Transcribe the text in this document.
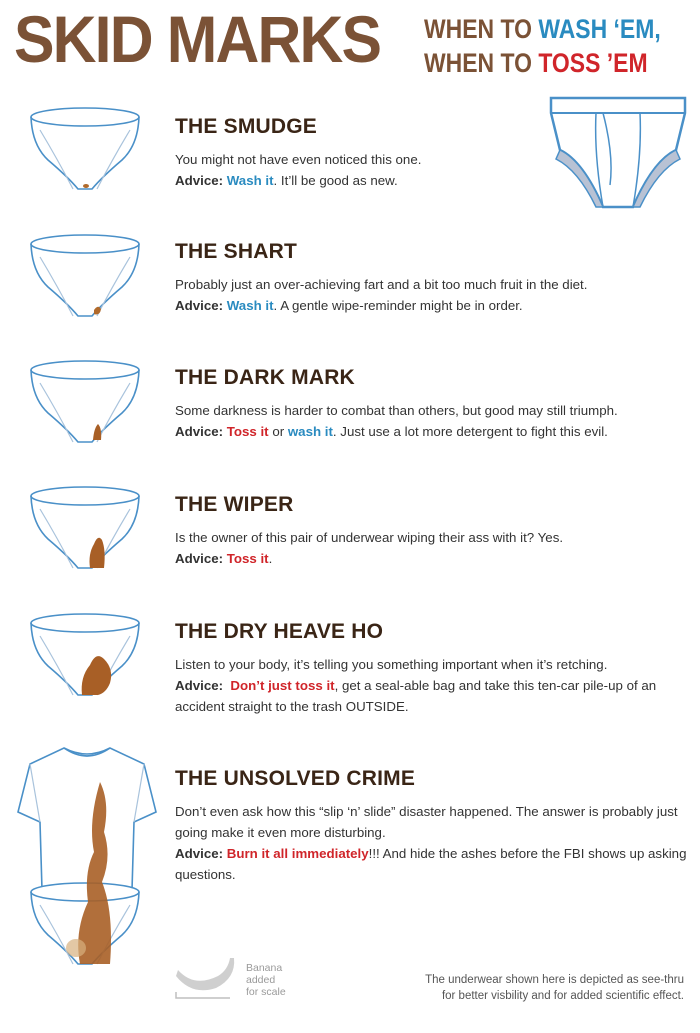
SKID MARKS WHEN TO WASH ‘EM,
WHEN TO TOSS ’EM
THE SMUDGE

You might not have even noticed this one.

Advice: Wash it. It’ll be good as new.

THE SHART

Probably just an over-achieving fart and a bit too much fruit in the diet.

Advice: Wash it. A gentle wipe-reminder might be in order.

THE DARK MARK

Some darkness is harder to combat than others, but good may still triumph.

Advice: Toss it or wash it. Just use a lot more detergent to fight this evil.

THE WIPER

Is the owner of this pair of underwear wiping their ass with it? Yes.

Advice: Toss it.

THE DRY HEAVE HO

Listen to your body, it’s telling you something important when it’s retching.

Advice:  Don’t just toss it, get a seal-able bag and take this ten-car pile-up of an accident straight to the trash OUTSIDE.

THE UNSOLVED CRIME

Don’t even ask how this “slip ‘n’ slide” disaster happened. The answer is probably just going make it even more disturbing.

Advice: Burn it all immediately!!! And hide the ashes before the FBI shows up asking questions.

Banana
added
for scale
The underwear shown here is depicted as see-thru
for better visbility and for added scientific effect.
